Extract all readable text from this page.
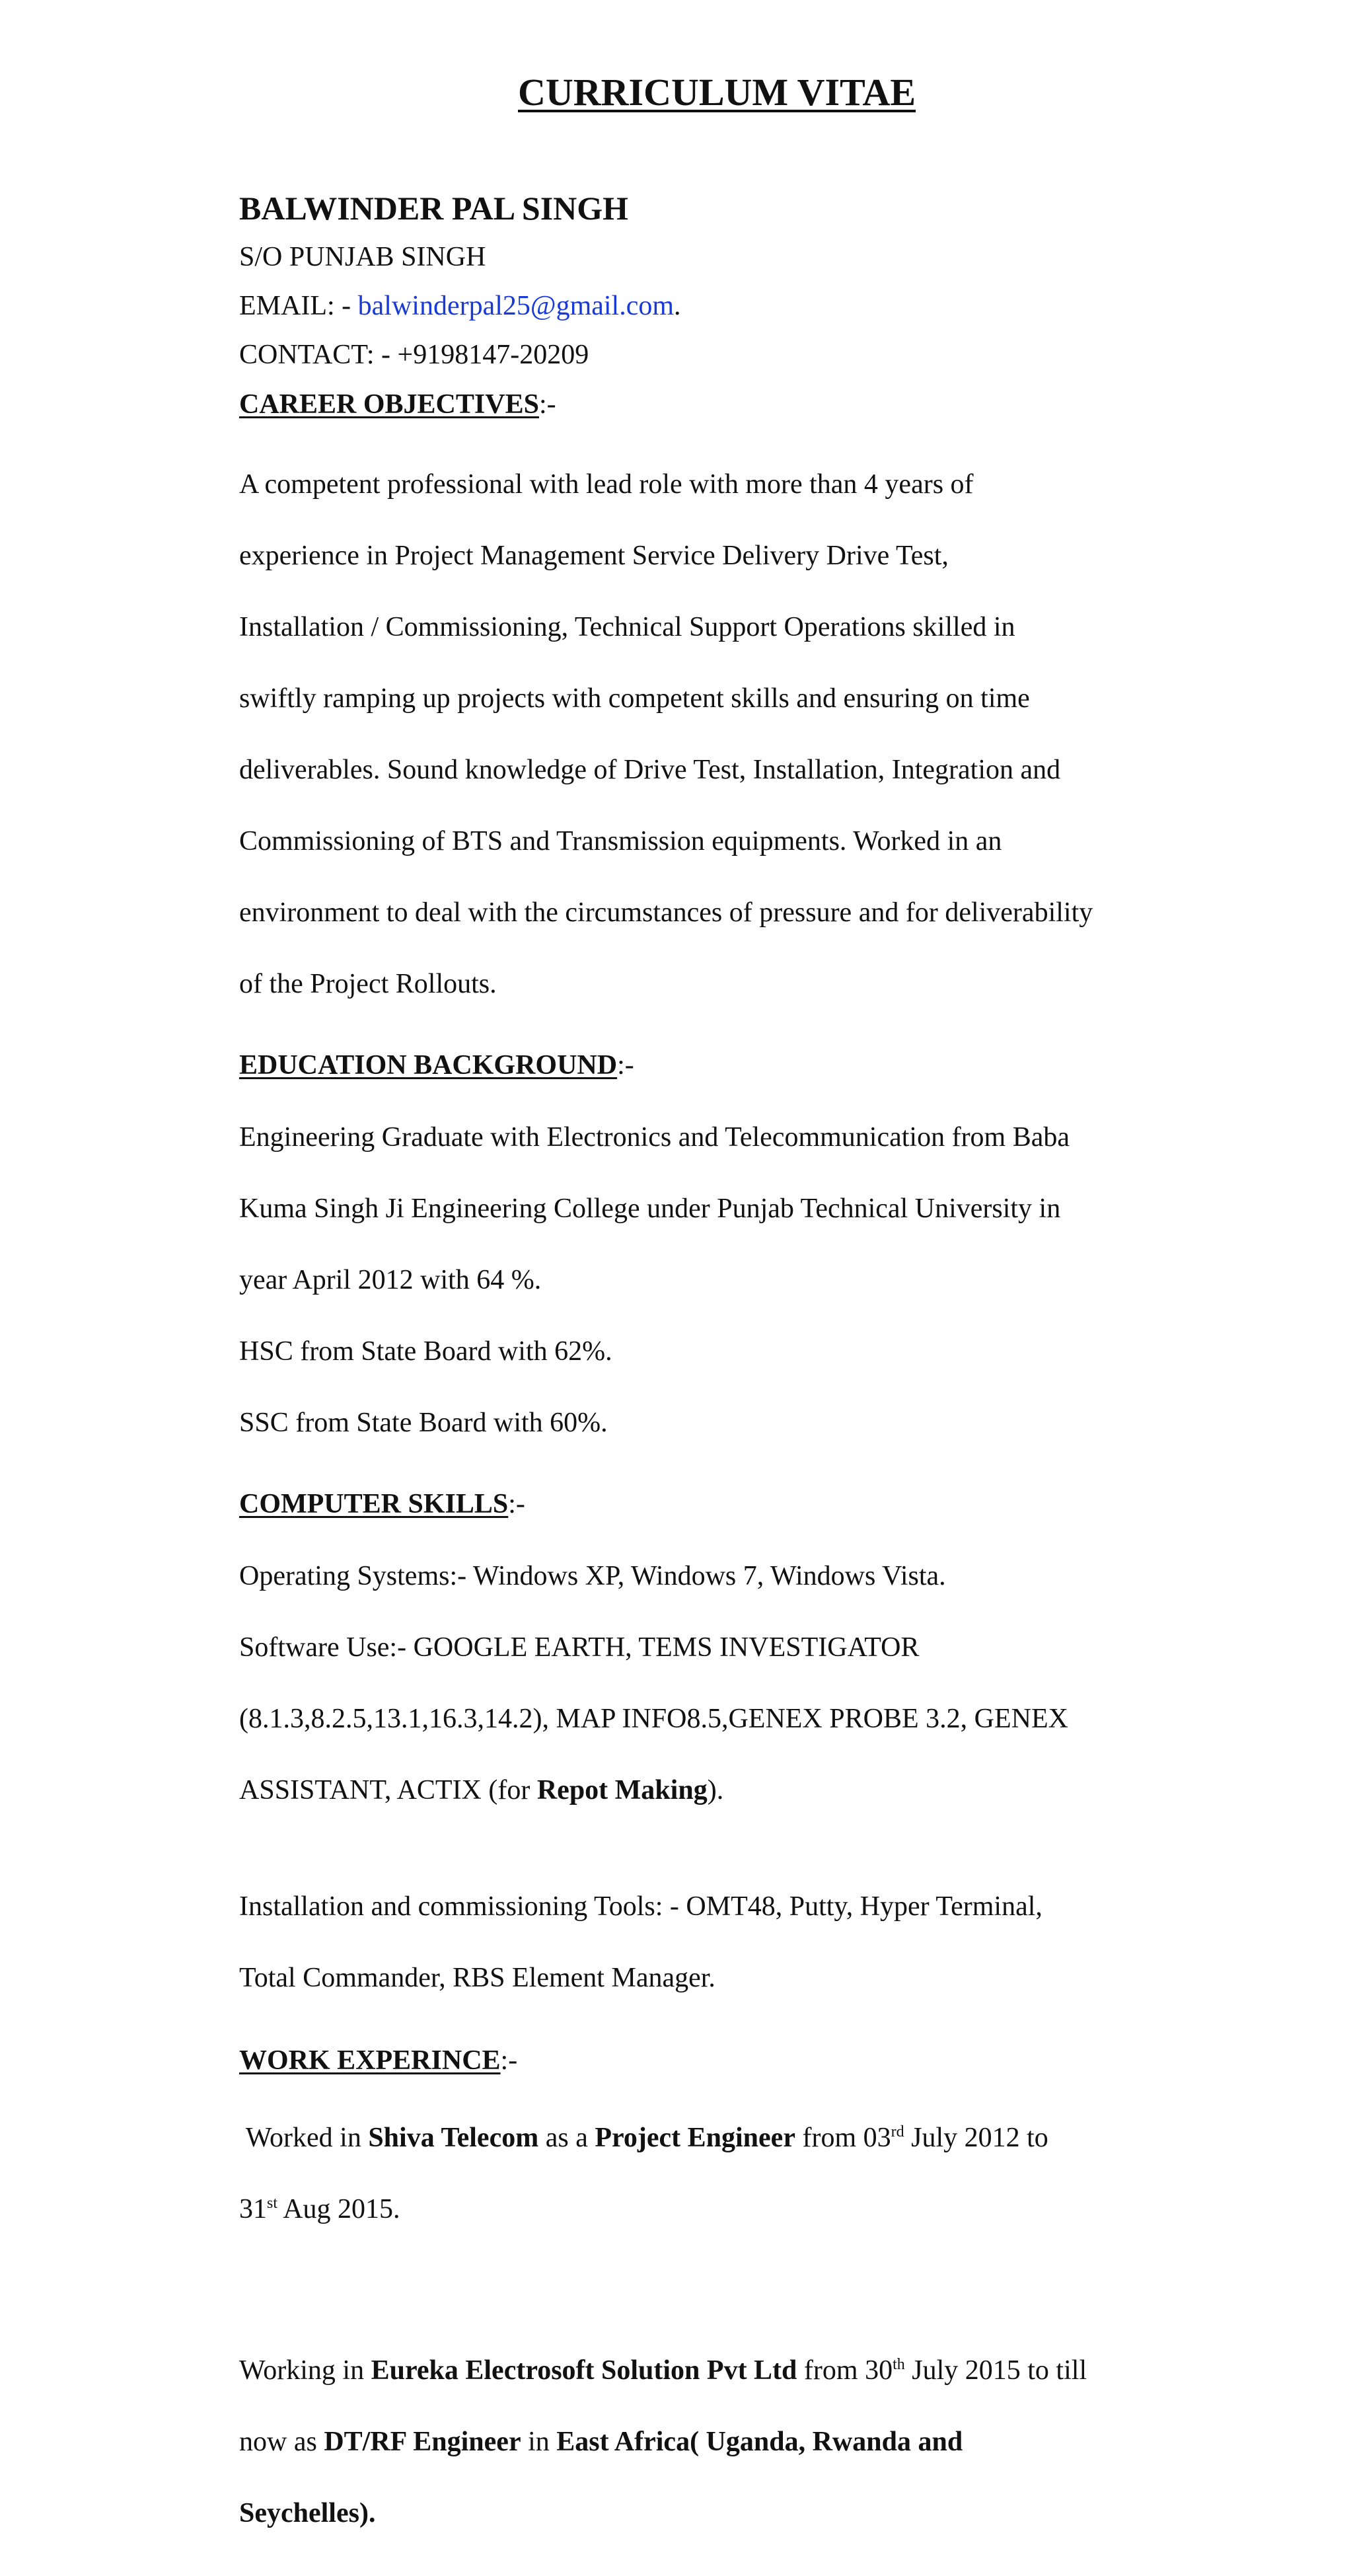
CURRICULUM VITAE
BALWINDER PAL SINGH
S/O PUNJAB SINGH
EMAIL: - balwinderpal25@gmail.com.
CONTACT: - +9198147-20209
CAREER OBJECTIVES:-

A competent professional with lead role with more than 4 years of

experience in Project Management Service Delivery Drive Test,

Installation / Commissioning, Technical Support Operations skilled in

swiftly ramping up projects with competent skills and ensuring on time

deliverables. Sound knowledge of Drive Test, Installation, Integration and

Commissioning of BTS and Transmission equipments. Worked in an

environment to deal with the circumstances of pressure and for deliverability

of the Project Rollouts.

EDUCATION BACKGROUND:-

Engineering Graduate with Electronics and Telecommunication from Baba

Kuma Singh Ji Engineering College under Punjab Technical University in

year April 2012 with 64 %.

HSC from State Board with 62%.

SSC from State Board with 60%.

COMPUTER SKILLS:-

Operating Systems:- Windows XP, Windows 7, Windows Vista.

Software Use:- GOOGLE EARTH, TEMS INVESTIGATOR

(8.1.3,8.2.5,13.1,16.3,14.2), MAP INFO8.5,GENEX PROBE 3.2, GENEX

ASSISTANT, ACTIX (for Repot Making).

Installation and commissioning Tools: - OMT48, Putty, Hyper Terminal,

Total Commander, RBS Element Manager.

WORK EXPERINCE:-

Worked in Shiva Telecom as a Project Engineer from 03rd July 2012 to

31st Aug 2015.

Working in Eureka Electrosoft Solution Pvt Ltd from 30th July 2015 to till

now as DT/RF Engineer in East Africa( Uganda, Rwanda and

Seychelles).
